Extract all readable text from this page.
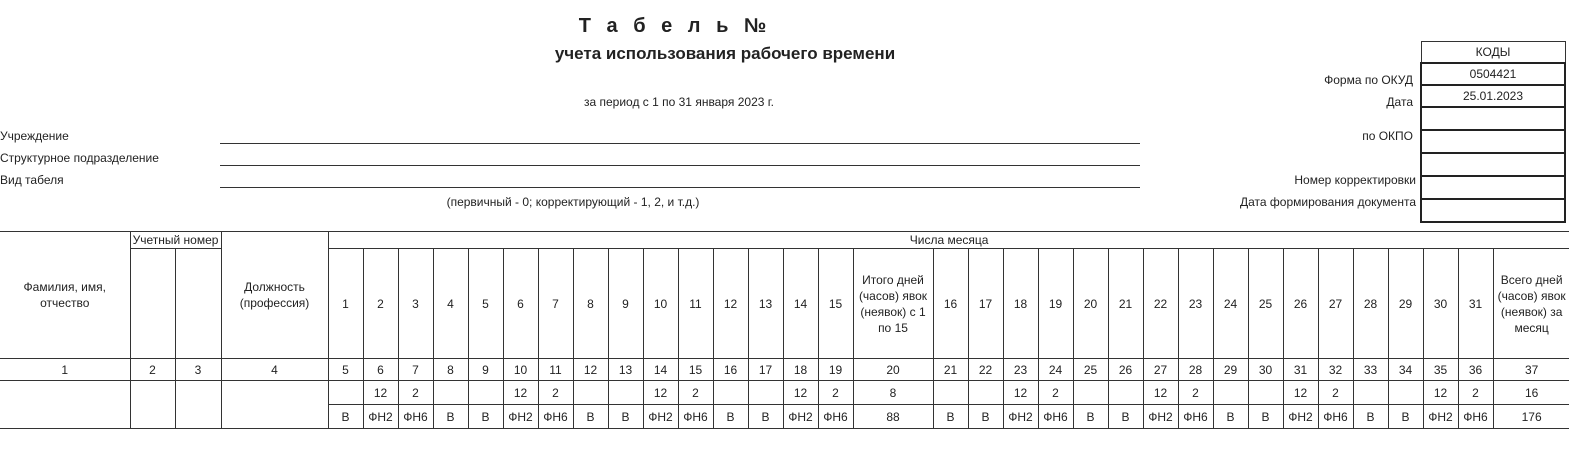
Т а б е л ь №
учета использования рабочего времени
за период с 1 по 31 января 2023 г.
Учреждение
Структурное подразделение
Вид табеля
(первичный - 0; корректирующий - 1, 2, и т.д.)
Форма по ОКУД
Дата
по ОКПО
Номер корректировки
Дата формирования документа
КОДЫ
0504421
25.01.2023

Фамилия, имя, отчество	Учетный номер		Должность (профессия)	Числа месяца																																
				1	2	3	4	5	6	7	8	9	10	11	12	13	14	15	Итого дней (часов) явок (неявок) с 1 по 15	16	17	18	19	20	21	22	23	24	25	26	27	28	29	30	31	Всего дней (часов) явок (неявок) за месяц
1	2	3	4	5	6	7	8	9	10	11	12	13	14	15	16	17	18	19	20	21	22	23	24	25	26	27	28	29	30	31	32	33	34	35	36	37
					12	2			12	2			12	2			12	2	8			12	2			12	2			12	2			12	2	16
				В	ФН2	ФН6	В	В	ФН2	ФН6	В	В	ФН2	ФН6	В	В	ФН2	ФН6	88	В	В	ФН2	ФН6	В	В	ФН2	ФН6	В	В	ФН2	ФН6	В	В	ФН2	ФН6	176
